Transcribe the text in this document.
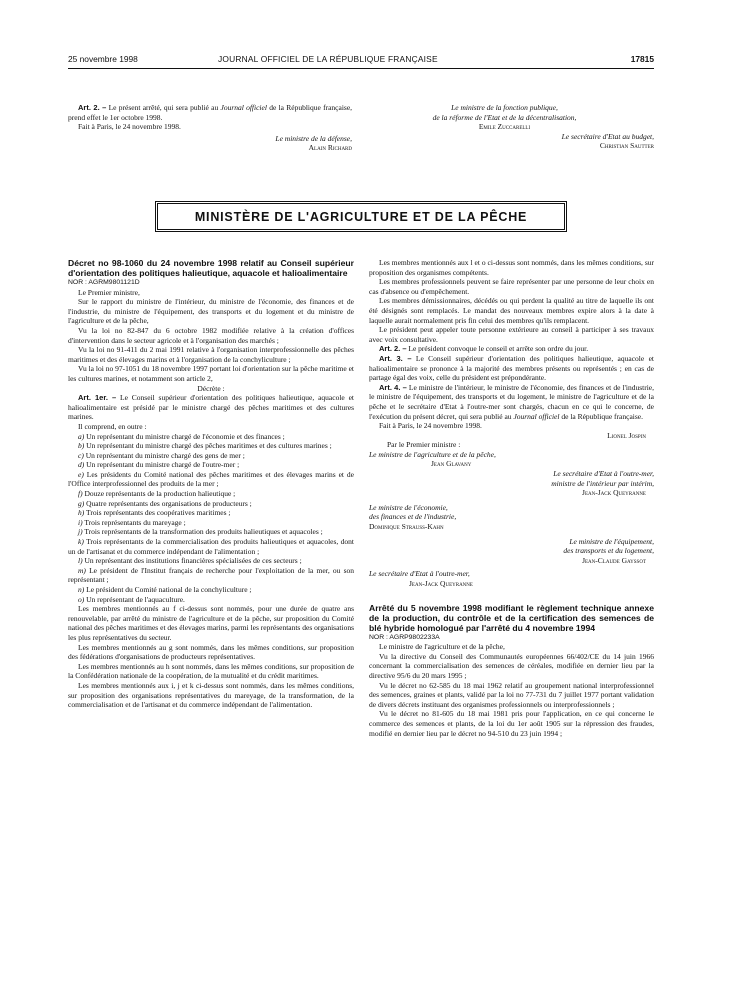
25 novembre 1998	JOURNAL OFFICIEL DE LA RÉPUBLIQUE FRANÇAISE	17815

Art. 2. – Le présent arrêté, qui sera publié au Journal officiel de la République française, prend effet le 1er octobre 1998.

Fait à Paris, le 24 novembre 1998.

Le ministre de la défense,

Alain Richard

Le ministre de la fonction publique,

de la réforme de l'Etat et de la décentralisation,

Emile Zuccarelli

Le secrétaire d'Etat au budget,

Christian Sautter

MINISTÈRE DE L'AGRICULTURE ET DE LA PÊCHE

Décret no 98-1060 du 24 novembre 1998 relatif au Conseil supérieur d'orientation des politiques halieutique, aquacole et halioalimentaire

NOR : AGRM9801121D

Le Premier ministre,

Sur le rapport du ministre de l'intérieur, du ministre de l'économie, des finances et de l'industrie, du ministre de l'équipement, des transports et du logement et du ministre de l'agriculture et de la pêche,

Vu la loi no 82-847 du 6 octobre 1982 modifiée relative à la création d'offices d'intervention dans le secteur agricole et à l'organisation des marchés ;

Vu la loi no 91-411 du 2 mai 1991 relative à l'organisation interprofessionnelle des pêches maritimes et des élevages marins et à l'organisation de la conchyliculture ;

Vu la loi no 97-1051 du 18 novembre 1997 portant loi d'orientation sur la pêche maritime et les cultures marines, et notamment son article 2,

Décrète :

Art. 1er. – Le Conseil supérieur d'orientation des politiques halieutique, aquacole et halioalimentaire est présidé par le ministre chargé des pêches maritimes et des cultures marines.

Il comprend, en outre :

a) Un représentant du ministre chargé de l'économie et des finances ;

b) Un représentant du ministre chargé des pêches maritimes et des cultures marines ;

c) Un représentant du ministre chargé des gens de mer ;

d) Un représentant du ministre chargé de l'outre-mer ;

e) Les présidents du Comité national des pêches maritimes et des élevages marins et de l'Office interprofessionnel des produits de la mer ;

f) Douze représentants de la production halieutique ;

g) Quatre représentants des organisations de producteurs ;

h) Trois représentants des coopératives maritimes ;

i) Trois représentants du mareyage ;

j) Trois représentants de la transformation des produits halieutiques et aquacoles ;

k) Trois représentants de la commercialisation des produits halieutiques et aquacoles, dont un de l'artisanat et du commerce indépendant de l'alimentation ;

l) Un représentant des institutions financières spécialisées de ces secteurs ;

m) Le président de l'Institut français de recherche pour l'exploitation de la mer, ou son représentant ;

n) Le président du Comité national de la conchyliculture ;

o) Un représentant de l'aquaculture.

Les membres mentionnés au f ci-dessus sont nommés, pour une durée de quatre ans renouvelable, par arrêté du ministre de l'agriculture et de la pêche, sur proposition du Comité national des pêches maritimes et des élevages marins, parmi les représentants des organisations les plus représentatives du secteur.

Les membres mentionnés au g sont nommés, dans les mêmes conditions, sur proposition des fédérations d'organisations de producteurs représentatives.

Les membres mentionnés au h sont nommés, dans les mêmes conditions, sur proposition de la Confédération nationale de la coopération, de la mutualité et du crédit maritimes.

Les membres mentionnés aux i, j et k ci-dessus sont nommés, dans les mêmes conditions, sur proposition des organisations représentatives du mareyage, de la transformation, de la commercialisation et de l'artisanat et du commerce indépendant de l'alimentation.

Les membres mentionnés aux l et o ci-dessus sont nommés, dans les mêmes conditions, sur proposition des organismes compétents.

Les membres professionnels peuvent se faire représenter par une personne de leur choix en cas d'absence ou d'empêchement.

Les membres démissionnaires, décédés ou qui perdent la qualité au titre de laquelle ils ont été désignés sont remplacés. Le mandat des nouveaux membres expire alors à la date à laquelle aurait normalement pris fin celui des membres qu'ils remplacent.

Le président peut appeler toute personne extérieure au conseil à participer à ses travaux avec voix consultative.

Art. 2. – Le président convoque le conseil et arrête son ordre du jour.

Art. 3. – Le Conseil supérieur d'orientation des politiques halieutique, aquacole et halioalimentaire se prononce à la majorité des membres présents ou représentés ; en cas de partage égal des voix, celle du président est prépondérante.

Art. 4. – Le ministre de l'intérieur, le ministre de l'économie, des finances et de l'industrie, le ministre de l'équipement, des transports et du logement, le ministre de l'agriculture et de la pêche et le secrétaire d'Etat à l'outre-mer sont chargés, chacun en ce qui le concerne, de l'exécution du présent décret, qui sera publié au Journal officiel de la République française.

Fait à Paris, le 24 novembre 1998.

Lionel Jospin

Par le Premier ministre :

Le ministre de l'agriculture et de la pêche,

Jean Glavany

Le secrétaire d'Etat à l'outre-mer,

ministre de l'intérieur par intérim,

Jean-Jack Queyranne

Le ministre de l'économie,

des finances et de l'industrie,

Dominique Strauss-Kahn

Le ministre de l'équipement,

des transports et du logement,

Jean-Claude Gayssot

Le secrétaire d'Etat à l'outre-mer,

Jean-Jack Queyranne

Arrêté du 5 novembre 1998 modifiant le règlement technique annexe de la production, du contrôle et de la certification des semences de blé hybride homologué par l'arrêté du 4 novembre 1994

NOR : AGRP9802233A

Le ministre de l'agriculture et de la pêche,

Vu la directive du Conseil des Communautés européennes 66/402/CE du 14 juin 1966 concernant la commercialisation des semences de céréales, modifiée en dernier lieu par la directive 95/6 du 20 mars 1995 ;

Vu le décret no 62-585 du 18 mai 1962 relatif au groupement national interprofessionnel des semences, graines et plants, validé par la loi no 77-731 du 7 juillet 1977 portant validation de divers décrets instituant des organismes professionnels ou interprofessionnels ;

Vu le décret no 81-605 du 18 mai 1981 pris pour l'application, en ce qui concerne le commerce des semences et plants, de la loi du 1er août 1905 sur la répression des fraudes, modifié en dernier lieu par le décret no 94-510 du 23 juin 1994 ;
